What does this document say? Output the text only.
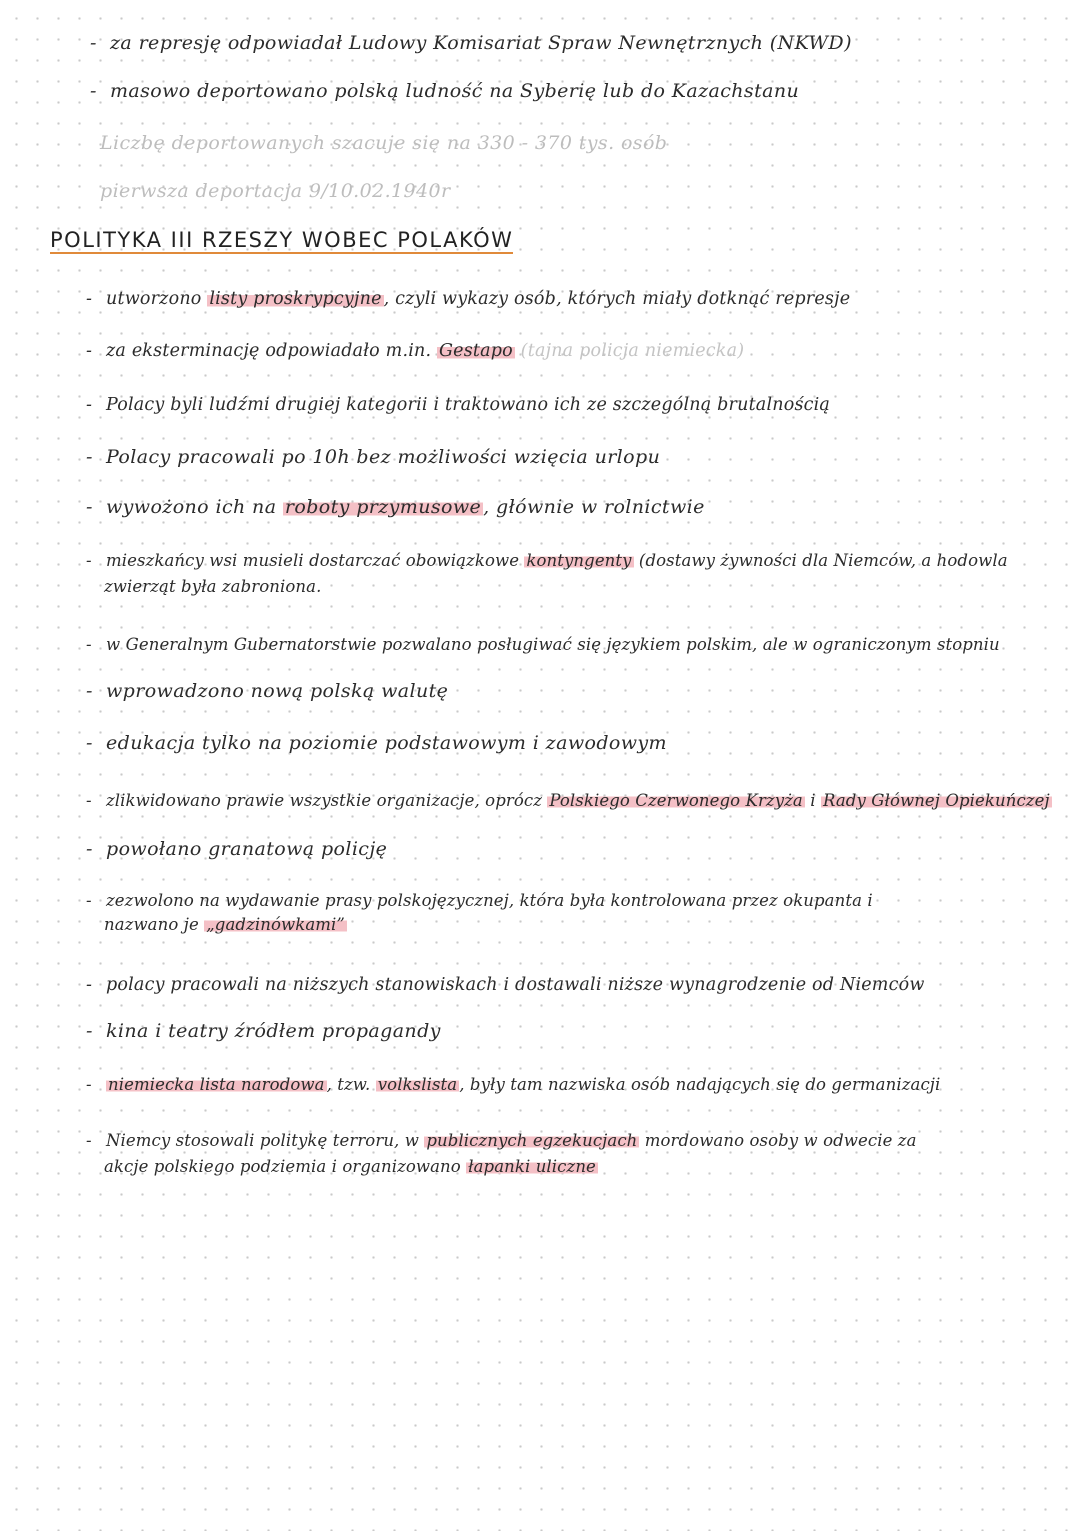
- za represję odpowiadał Ludowy Komisariat Spraw Newnętrznych (NKWD)
- masowo deportowano polską ludność na Syberię lub do Kazachstanu
Liczbę deportowanych szacuje się na 330 - 370 tys. osób
pierwsza deportacja 9/10.02.1940r
POLITYKA III RZESZY WOBEC POLAKÓW
- utworzono listy proskrypcyjne , czyli wykazy osób, których miały dotknąć represje
- za eksterminację odpowiadało m.in. Gestapo (tajna policja niemiecka)
- Polacy byli ludźmi drugiej kategorii i traktowano ich ze szczególną brutalnością
- Polacy pracowali po 10h bez możliwości wzięcia urlopu
- wywożono ich na roboty przymusowe , głównie w rolnictwie
- mieszkańcy wsi musieli dostarczać obowiązkowe kontyngenty (dostawy żywności dla Niemców, a hodowla
zwierząt była zabroniona.
- w Generalnym Gubernatorstwie pozwalano posługiwać się językiem polskim, ale w ograniczonym stopniu
- wprowadzono nową polską walutę
- edukacja tylko na poziomie podstawowym i zawodowym
- zlikwidowano prawie wszystkie organizacje, oprócz Polskiego Czerwonego Krzyża i Rady Głównej Opiekuńczej
- powołano granatową policję
- zezwolono na wydawanie prasy polskojęzycznej, która była kontrolowana przez okupanta i
nazwano je „gadzinówkami”
- polacy pracowali na niższych stanowiskach i dostawali niższe wynagrodzenie od Niemców
- kina i teatry źródłem propagandy
- niemiecka lista narodowa , tzw. volkslista , były tam nazwiska osób nadających się do germanizacji
- Niemcy stosowali politykę terroru, w publicznych egzekucjach mordowano osoby w odwecie za
akcje polskiego podziemia i organizowano łapanki uliczne
